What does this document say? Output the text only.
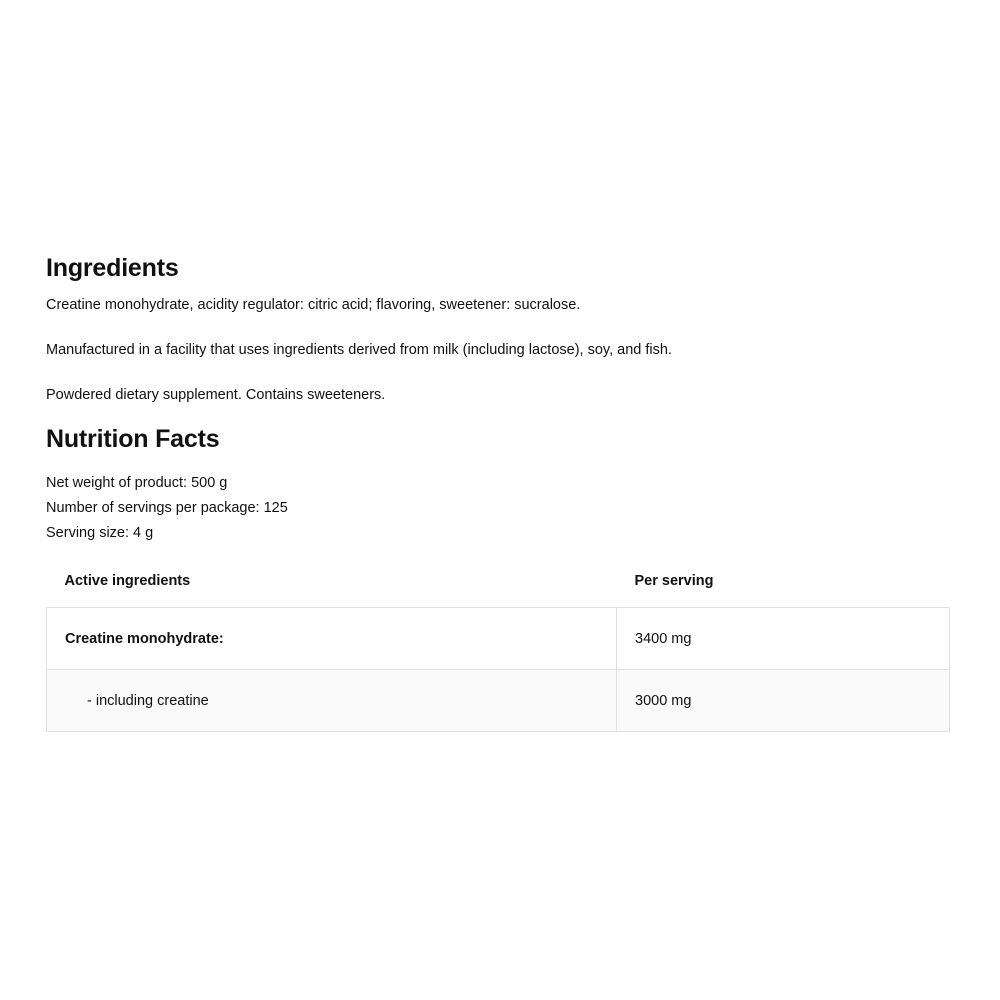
Ingredients

Creatine monohydrate, acidity regulator: citric acid; flavoring, sweetener: sucralose.

Manufactured in a facility that uses ingredients derived from milk (including lactose), soy, and fish.

Powdered dietary supplement. Contains sweeteners.

Nutrition Facts

Net weight of product: 500 g

Number of servings per package: 125

Serving size: 4 g

Active ingredients	Per serving
Creatine monohydrate:	3400 mg
- including creatine	3000 mg
